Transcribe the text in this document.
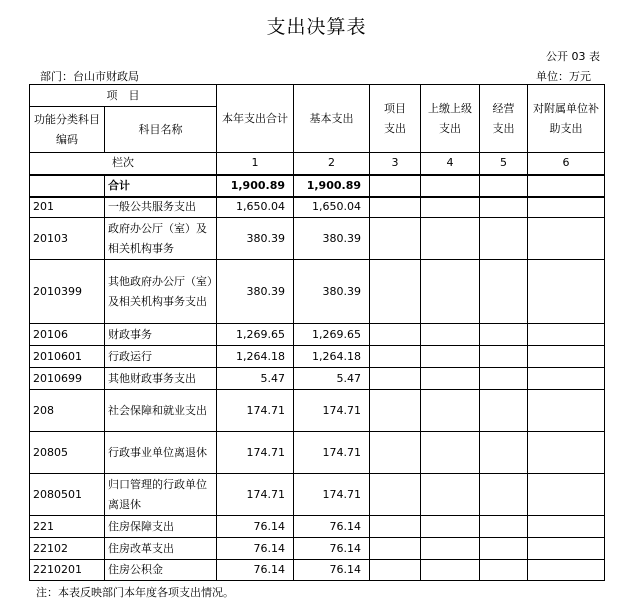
支出决算表
公开 03 表
部门：台山市财政局	单位：万元
项　目		本年支出合计	基本支出	项目支出	上缴上级支出	经营支出	对附属单位补助支出
功能分类科目编码	科目名称						
栏次		1	2	3	4	5	6
	合计	1,900.89	1,900.89				
201	一般公共服务支出	1,650.04	1,650.04				
20103	政府办公厅（室）及相关机构事务	380.39	380.39				
2010399	其他政府办公厅（室）及相关机构事务支出	380.39	380.39				
20106	财政事务	1,269.65	1,269.65				
2010601	行政运行	1,264.18	1,264.18				
2010699	其他财政事务支出	5.47	5.47				
208	社会保障和就业支出	174.71	174.71				
20805	行政事业单位离退休	174.71	174.71				
2080501	归口管理的行政单位离退休	174.71	174.71				
221	住房保障支出	76.14	76.14				
22102	住房改革支出	76.14	76.14				
2210201	住房公积金	76.14	76.14				
注：本表反映部门本年度各项支出情况。
